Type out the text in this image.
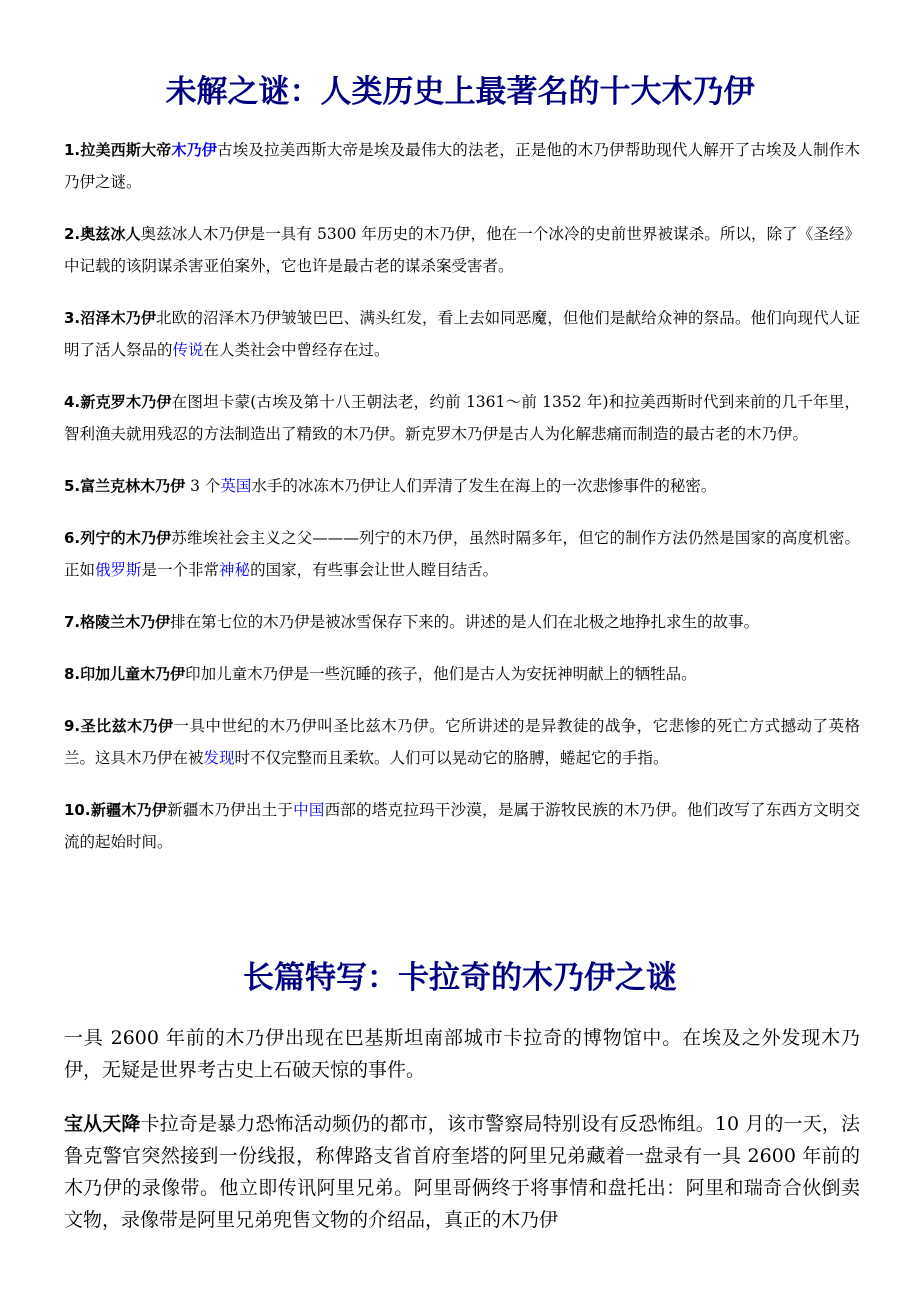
未解之谜：人类历史上最著名的十大木乃伊

1.拉美西斯大帝木乃伊古埃及拉美西斯大帝是埃及最伟大的法老，正是他的木乃伊帮助现代人解开了古埃及人制作木乃伊之谜。

2.奥兹冰人奥兹冰人木乃伊是一具有 5300 年历史的木乃伊，他在一个冰冷的史前世界被谋杀。所以，除了《圣经》中记载的该阴谋杀害亚伯案外，它也许是最古老的谋杀案受害者。

3.沼泽木乃伊北欧的沼泽木乃伊皱皱巴巴、满头红发，看上去如同恶魔，但他们是献给众神的祭品。他们向现代人证明了活人祭品的传说在人类社会中曾经存在过。

4.新克罗木乃伊在图坦卡蒙(古埃及第十八王朝法老，约前 1361～前 1352 年)和拉美西斯时代到来前的几千年里，智利渔夫就用残忍的方法制造出了精致的木乃伊。新克罗木乃伊是古人为化解悲痛而制造的最古老的木乃伊。

5.富兰克林木乃伊 3 个英国水手的冰冻木乃伊让人们弄清了发生在海上的一次悲惨事件的秘密。

6.列宁的木乃伊苏维埃社会主义之父———列宁的木乃伊，虽然时隔多年，但它的制作方法仍然是国家的高度机密。正如俄罗斯是一个非常神秘的国家，有些事会让世人瞠目结舌。

7.格陵兰木乃伊排在第七位的木乃伊是被冰雪保存下来的。讲述的是人们在北极之地挣扎求生的故事。

8.印加儿童木乃伊印加儿童木乃伊是一些沉睡的孩子，他们是古人为安抚神明献上的牺牲品。

9.圣比兹木乃伊一具中世纪的木乃伊叫圣比兹木乃伊。它所讲述的是异教徒的战争，它悲惨的死亡方式撼动了英格兰。这具木乃伊在被发现时不仅完整而且柔软。人们可以晃动它的胳膊，蜷起它的手指。

10.新疆木乃伊新疆木乃伊出土于中国西部的塔克拉玛干沙漠，是属于游牧民族的木乃伊。他们改写了东西方文明交流的起始时间。

长篇特写：卡拉奇的木乃伊之谜

一具 2600 年前的木乃伊出现在巴基斯坦南部城市卡拉奇的博物馆中。在埃及之外发现木乃伊，无疑是世界考古史上石破天惊的事件。

宝从天降卡拉奇是暴力恐怖活动频仍的都市，该市警察局特别设有反恐怖组。10 月的一天，法鲁克警官突然接到一份线报，称俾路支省首府奎塔的阿里兄弟藏着一盘录有一具 2600 年前的木乃伊的录像带。他立即传讯阿里兄弟。阿里哥俩终于将事情和盘托出：阿里和瑞奇合伙倒卖文物，录像带是阿里兄弟兜售文物的介绍品，真正的木乃伊
